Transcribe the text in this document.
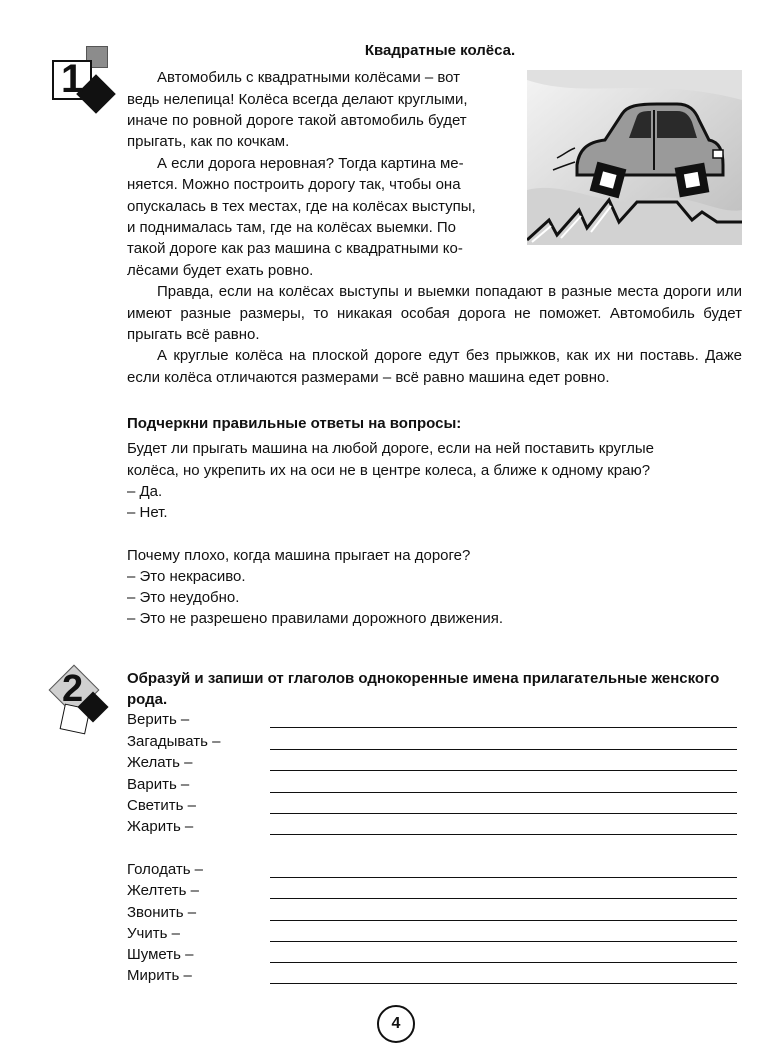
1
Квадратные колёса.
Автомобиль с квадратными колёсами – вот
ведь нелепица! Колёса всегда делают круглыми,
иначе по ровной дороге такой автомобиль будет
прыгать, как по кочкам.
А если дорога неровная? Тогда картина ме-
няется. Можно построить дорогу так, чтобы она
опускалась в тех местах, где на колёсах выступы,
и поднималась там, где на колёсах выемки. По
такой дороге как раз машина с квадратными ко-
лёсами будет ехать ровно.
Правда, если на колёсах выступы и выемки попадают в разные места дороги или имеют разные размеры, то никакая особая дорога не поможет. Автомобиль будет прыгать всё равно.
А круглые колёса на плоской дороге едут без прыжков, как их ни поставь. Даже если колёса отличаются размерами – всё равно машина едет ровно.
Подчеркни правильные ответы на вопросы:
Будет ли прыгать машина на любой дороге, если на ней поставить круглые
колёса, но укрепить их на оси не в центре колеса, а ближе к одному краю?
– Да.
– Нет.
Почему плохо, когда машина прыгает на дороге?
– Это некрасиво.
– Это неудобно.
– Это не разрешено правилами дорожного движения.
2	Образуй и запиши от глаголов однокоренные имена прилагательные женского рода.
Верить –
Загадывать –
Желать –
Варить –
Светить –
Жарить –
Голодать –
Желтеть –
Звонить –
Учить –
Шуметь –
Мирить –
4
